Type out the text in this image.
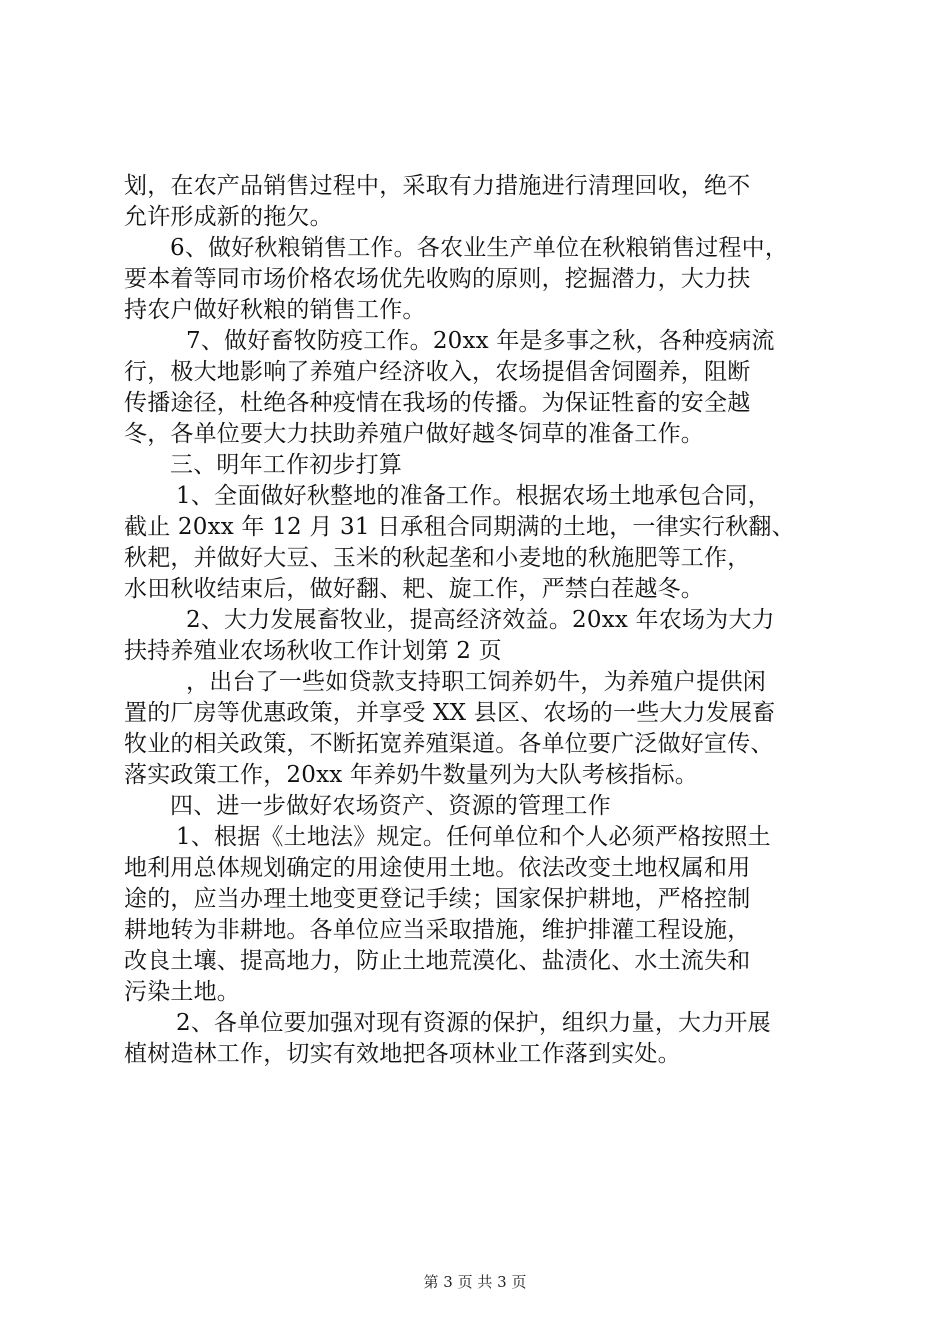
划，在农产品销售过程中，采取有力措施进行清理回收，绝不
允许形成新的拖欠。
6、做好秋粮销售工作。各农业生产单位在秋粮销售过程中，
要本着等同市场价格农场优先收购的原则，挖掘潜力，大力扶
持农户做好秋粮的销售工作。
7、做好畜牧防疫工作。20xx 年是多事之秋，各种疫病流
行，极大地影响了养殖户经济收入，农场提倡舍饲圈养，阻断
传播途径，杜绝各种疫情在我场的传播。为保证牲畜的安全越
冬，各单位要大力扶助养殖户做好越冬饲草的准备工作。
三、明年工作初步打算
1、全面做好秋整地的准备工作。根据农场土地承包合同，
截止 20xx 年 12 月 31 日承租合同期满的土地，一律实行秋翻、
秋耙，并做好大豆、玉米的秋起垄和小麦地的秋施肥等工作，
水田秋收结束后，做好翻、耙、旋工作，严禁白茬越冬。
2、大力发展畜牧业，提高经济效益。20xx 年农场为大力
扶持养殖业农场秋收工作计划第 2 页
，出台了一些如贷款支持职工饲养奶牛，为养殖户提供闲
置的厂房等优惠政策，并享受 XX 县区、农场的一些大力发展畜
牧业的相关政策，不断拓宽养殖渠道。各单位要广泛做好宣传、
落实政策工作，20xx 年养奶牛数量列为大队考核指标。
四、进一步做好农场资产、资源的管理工作
1、根据《土地法》规定。任何单位和个人必须严格按照土
地利用总体规划确定的用途使用土地。依法改变土地权属和用
途的，应当办理土地变更登记手续；国家保护耕地，严格控制
耕地转为非耕地。各单位应当采取措施，维护排灌工程设施，
改良土壤、提高地力，防止土地荒漠化、盐渍化、水土流失和
污染土地。
2、各单位要加强对现有资源的保护，组织力量，大力开展
植树造林工作，切实有效地把各项林业工作落到实处。
第 3 页 共 3 页
